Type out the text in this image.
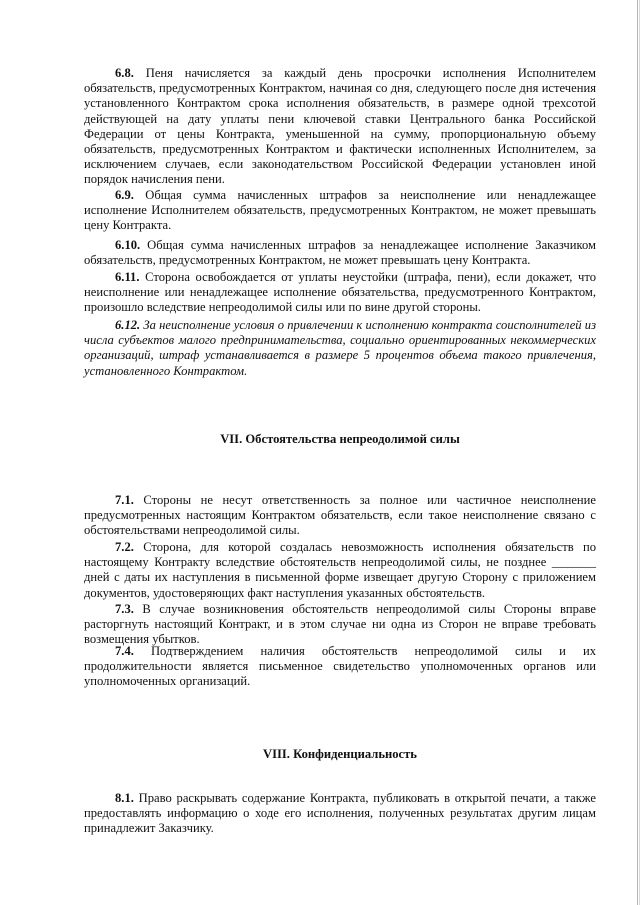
6.8. Пеня начисляется за каждый день просрочки исполнения Исполнителем обязательств, предусмотренных Контрактом, начиная со дня, следующего после дня истечения установленного Контрактом срока исполнения обязательств, в размере одной трехсотой действующей на дату уплаты пени ключевой ставки Центрального банка Российской Федерации от цены Контракта, уменьшенной на сумму, пропорциональную объему обязательств, предусмотренных Контрактом и фактически исполненных Исполнителем, за исключением случаев, если законодательством Российской Федерации установлен иной порядок начисления пени.

6.9. Общая сумма начисленных штрафов за неисполнение или ненадлежащее исполнение Исполнителем обязательств, предусмотренных Контрактом, не может превышать цену Контракта.

6.10. Общая сумма начисленных штрафов за ненадлежащее исполнение Заказчиком обязательств, предусмотренных Контрактом, не может превышать цену Контракта.

6.11. Сторона освобождается от уплаты неустойки (штрафа, пени), если докажет, что неисполнение или ненадлежащее исполнение обязательства, предусмотренного Контрактом, произошло вследствие непреодолимой силы или по вине другой стороны.

6.12. За неисполнение условия о привлечении к исполнению контракта соисполнителей из числа субъектов малого предпринимательства, социально ориентированных некоммерческих организаций, штраф устанавливается в размере 5 процентов объема такого привлечения, установленного Контрактом.

VII. Обстоятельства непреодолимой силы

7.1. Стороны не несут ответственность за полное или частичное неисполнение предусмотренных настоящим Контрактом обязательств, если такое неисполнение связано с обстоятельствами непреодолимой силы.

7.2. Сторона, для которой создалась невозможность исполнения обязательств по настоящему Контракту вследствие обстоятельств непреодолимой силы, не позднее _______ дней с даты их наступления в письменной форме извещает другую Сторону с приложением документов, удостоверяющих факт наступления указанных обстоятельств.

7.3. В случае возникновения обстоятельств непреодолимой силы Стороны вправе расторгнуть настоящий Контракт, и в этом случае ни одна из Сторон не вправе требовать возмещения убытков.

7.4. Подтверждением наличия обстоятельств непреодолимой силы и их продолжительности является письменное свидетельство уполномоченных органов или уполномоченных организаций.

VIII. Конфиденциальность

8.1. Право раскрывать содержание Контракта, публиковать в открытой печати, а также предоставлять информацию о ходе его исполнения, полученных результатах другим лицам принадлежит Заказчику.
